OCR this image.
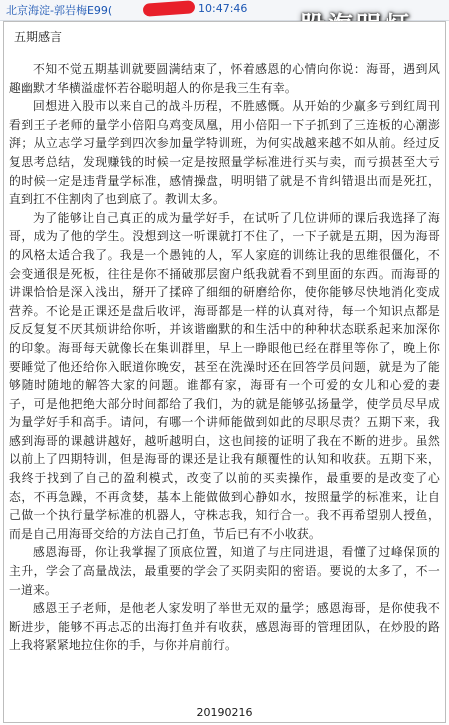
北京海淀-郭岩梅E99(	10:47:46
五期感言

不知不觉五期基训就要圆满结束了，怀着感恩的心情向你说：海哥，遇到风趣幽默才华横溢虚怀若谷聪明超人的你是我三生有幸。

回想进入股市以来自己的战斗历程，不胜感慨。从开始的少赢多亏到红周刊看到王子老师的量学小倍阳乌鸡变凤凰，用小倍阳一下子抓到了三连板的心潮澎湃；从立志学习量学到四次参加量学特训班，为何实战越来越不如从前。经过反复思考总结，发现赚钱的时候一定是按照量学标准进行买与卖，而亏损甚至大亏的时候一定是违背量学标准，感情操盘，明明错了就是不肯纠错退出而是死扛，直到扛不住割肉了也到底了。教训太多。

为了能够让自己真正的成为量学好手，在试听了几位讲师的课后我选择了海哥，成为了他的学生。没想到这一听课就打不住了，一下子就是五期，因为海哥的风格太适合我了。我是一个愚钝的人，军人家庭的训练让我的思维很僵化，不会变通很是死板，往往是你不捅破那层窗户纸我就看不到里面的东西。而海哥的讲课恰恰是深入浅出，掰开了揉碎了细细的研磨给你，使你能够尽快地消化变成营养。不论是正课还是盘后收评，海哥都是一样的认真对待，每一个知识点都是反反复复不厌其烦讲给你听，并该谐幽默的和生活中的种种状态联系起来加深你的印象。海哥每天就像长在集训群里，早上一睁眼他已经在群里等你了，晚上你要睡觉了他还给你入眠道你晚安，甚至在洗澡时还在回答学员问题，就是为了能够随时随地的解答大家的问题。谁都有家，海哥有一个可爱的女儿和心爱的妻子，可是他把绝大部分时间都给了我们，为的就是能够弘扬量学，使学员尽早成为量学好手和高手。请问，有哪一个讲师能做到如此的尽职尽责？五期下来，我感到海哥的课越讲越好，越听越明白，这也间接的证明了我在不断的进步。虽然以前上了四期特训，但是海哥的课还是让我有颠覆性的认知和收获。五期下来，我终于找到了自己的盈利模式，改变了以前的买卖操作，最重要的是改变了心态，不再急躁，不再贪婪，基本上能做做到心静如水，按照量学的标准来，让自己做一个执行量学标准的机器人，守株志我，知行合一。我不再希望别人授鱼，而是自己用海哥交给的方法自己打鱼，节后已有不小收获。

感恩海哥，你让我掌握了顶底位置，知道了与庄同进退，看懂了过峰保顶的主升，学会了高量战法，最重要的学会了买阴卖阳的密语。要说的太多了，不一一道来。

感恩王子老师，是他老人家发明了举世无双的量学；感恩海哥，是你使我不断进步，能够不再忐忑的出海打鱼并有收获，感恩海哥的管理团队，在炒股的路上我将紧紧地拉住你的手，与你并肩前行。

20190216
